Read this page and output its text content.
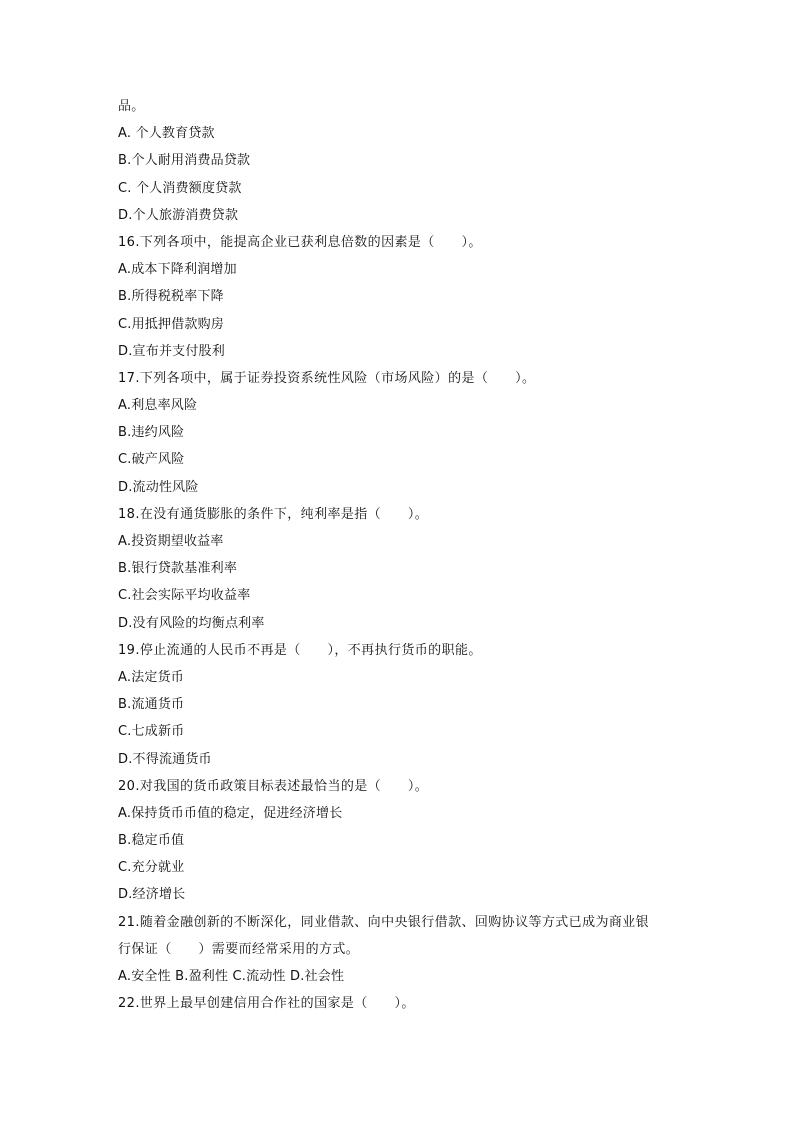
品。
A. 个人教育贷款
B.个人耐用消费品贷款
C. 个人消费额度贷款
D.个人旅游消费贷款
16.下列各项中，能提高企业已获利息倍数的因素是（　　）。
A.成本下降利润增加
B.所得税税率下降
C.用抵押借款购房
D.宣布并支付股利
17.下列各项中，属于证券投资系统性风险（市场风险）的是（　　）。
A.利息率风险
B.违约风险
C.破产风险
D.流动性风险
18.在没有通货膨胀的条件下，纯利率是指（　　）。
A.投资期望收益率
B.银行贷款基准利率
C.社会实际平均收益率
D.没有风险的均衡点利率
19.停止流通的人民币不再是（　　），不再执行货币的职能。
A.法定货币
B.流通货币
C.七成新币
D.不得流通货币
20.对我国的货币政策目标表述最恰当的是（　　）。
A.保持货币币值的稳定，促进经济增长
B.稳定币值
C.充分就业
D.经济增长
21.随着金融创新的不断深化，同业借款、向中央银行借款、回购协议等方式已成为商业银
行保证（　　）需要而经常采用的方式。
A.安全性 B.盈利性 C.流动性 D.社会性
22.世界上最早创建信用合作社的国家是（　　）。
